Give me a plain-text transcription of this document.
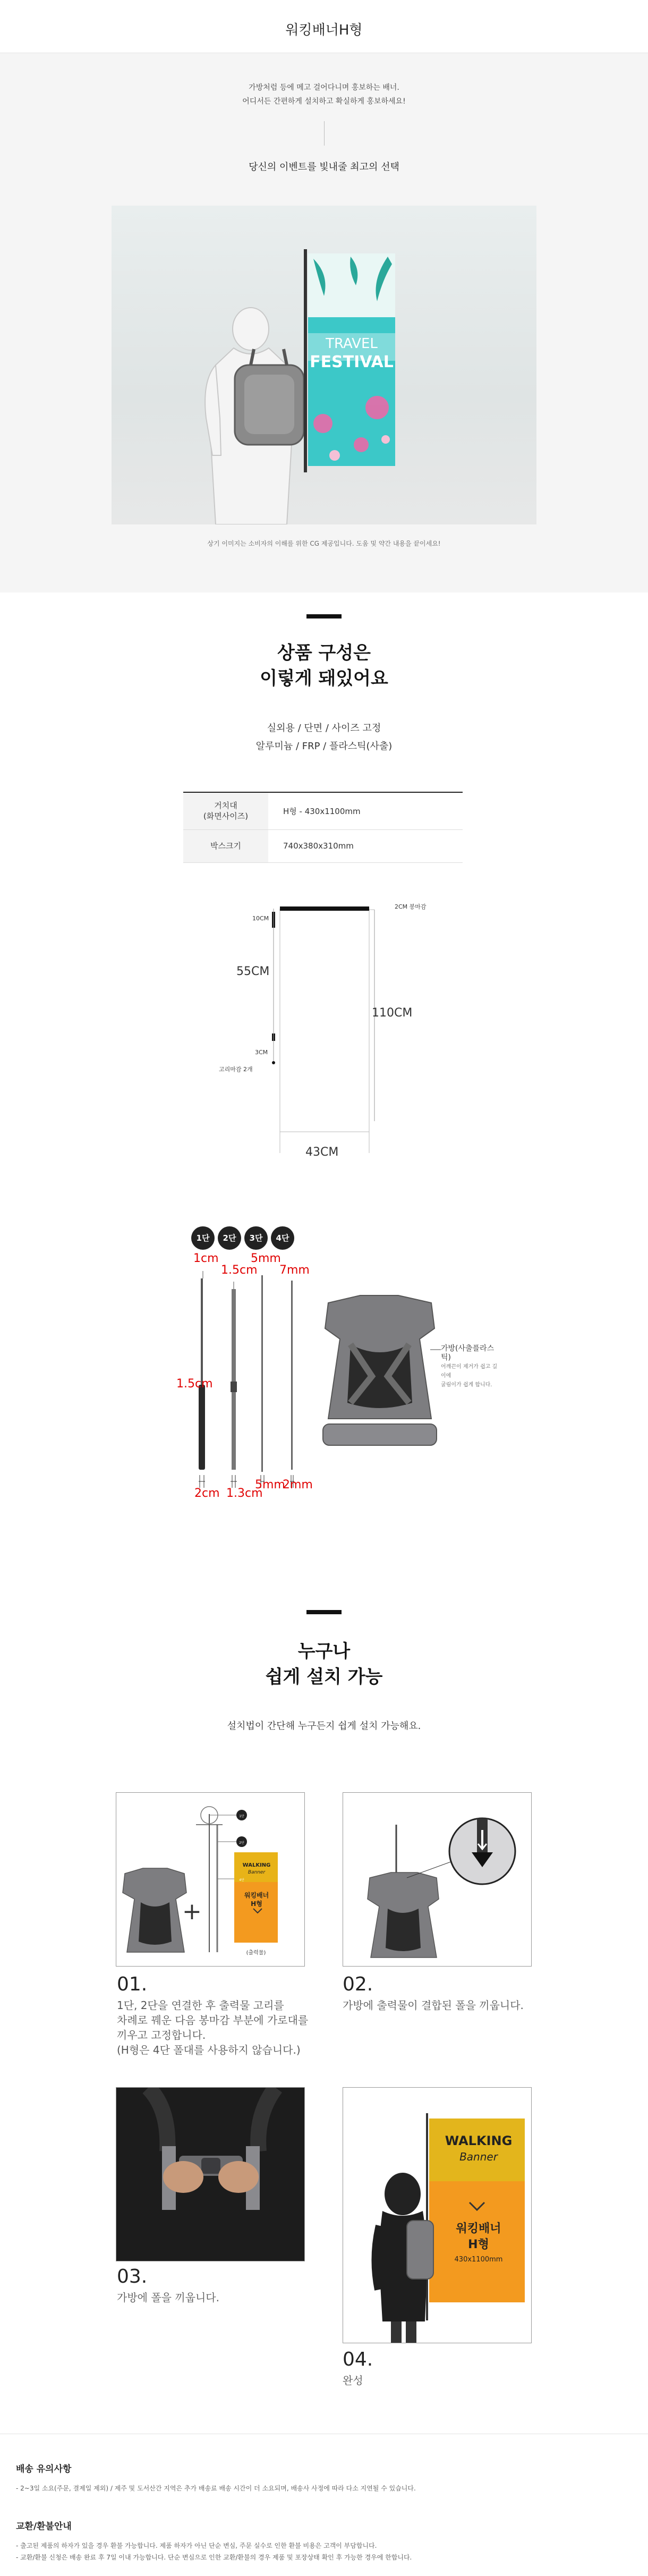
워킹배너H형
가방처럼 등에 메고 걸어다니며 홍보하는 배너.
어디서든 간편하게 설치하고 확실하게 홍보하세요!
당신의 이벤트를 빛내줄 최고의 선택
TRAVEL
FESTIVAL
상기 이미지는 소비자의 이해를 위한 CG 제공입니다. 도움 및 약간 내용을 끝이세요!
상품 구성은
이렇게 돼있어요
실외용 / 단면 / 사이즈 고정
알루미늄 / FRP / 플라스틱(사출)
거치대
(화면사이즈)	H형 - 430x1100mm
박스크기	740x380x310mm
2CM 봉마감
10CM
55CM
3CM
고리마감 2개
110CM
43CM
1단	2단	3단	4단
1cm
1.5cm
5mm
7mm
1.5cm
2cm 1.3cm
5mm
2mm
가방(사출플라스틱)
어깨끈이 제거가 쉽고 길이에
굴림이가 쉽게 합니다.
누구나
쉽게 설치 가능
설치법이 간단해 누구든지 쉽게 설치 가능해요.
+
WALKING
Banner
워킹배너
H형
1단
2단
4단
(출력물)
01.
1단, 2단을 연결한 후 출력물 고리를
차례로 꿰운 다음 봉마감 부분에 가로대를
끼우고 고정합니다.
(H형은 4단 폴대를 사용하지 않습니다.)
02.
가방에 출력물이 결합된 폴을 끼웁니다.
03.
가방에 폴을 끼웁니다.
WALKING
Banner
워킹배너
H형
430x1100mm
04.
완성
배송 유의사항
- 2~3일 소요(주문, 결제일 제외) / 제주 및 도서산간 지역은 추가 배송료 배송 시간이 더 소요되며, 배송사 사정에 따라 다소 지연될 수 있습니다.
교환/환불안내
- 출고된 제품의 하자가 있을 경우 환불 가능합니다. 제품 하자가 아닌 단순 변심, 주문 실수로 인한 환불 비용은 고객이 부담합니다.
- 교환/환불 신청은 배송 완료 후 7일 이내 가능합니다. 단순 변심으로 인한 교환/환불의 경우 제품 및 포장상태 확인 후 가능한 경우에 한합니다.
